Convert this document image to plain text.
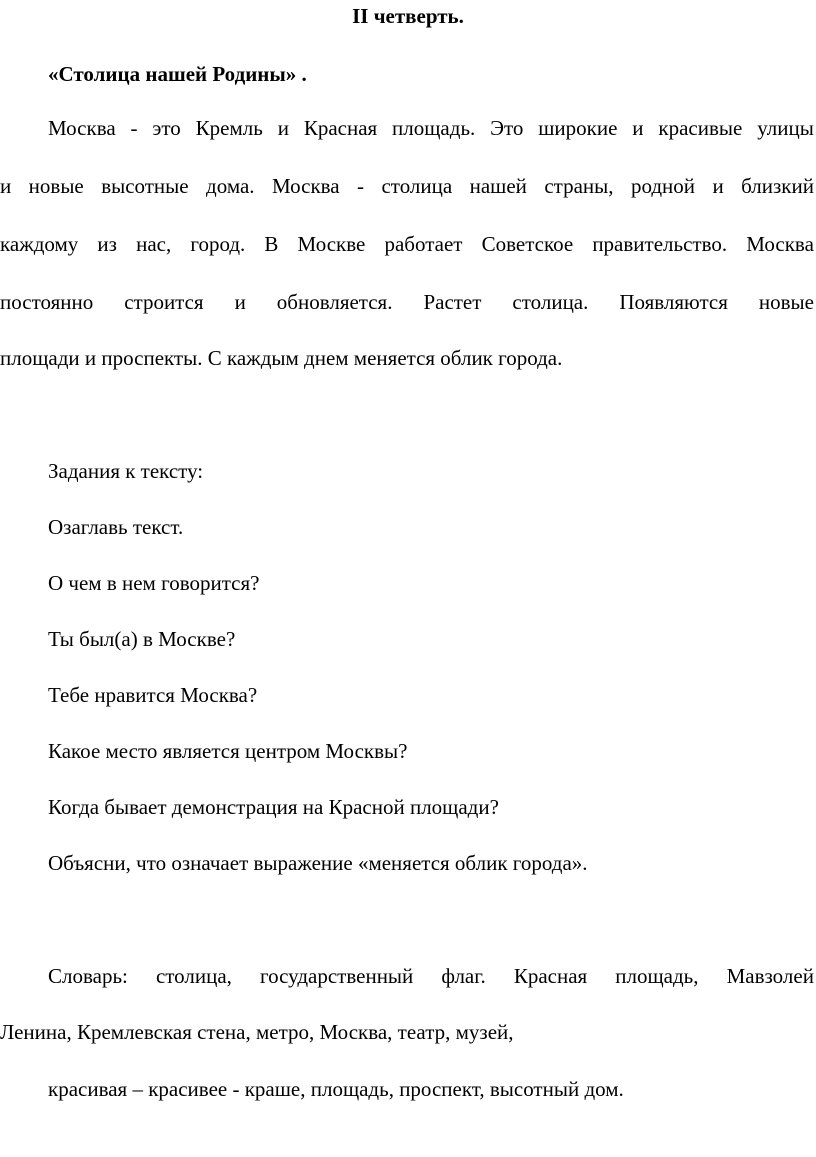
II четверть.
«Столица нашей Родины» .
Москва - это Кремль и Красная площадь. Это широкие и красивые улицы
и новые высотные дома. Москва - столица нашей страны, родной и близкий
каждому из нас, город. В Москве работает Советское правительство. Москва
постоянно строится и обновляется. Растет столица. Появляются новые
площади и проспекты. С каждым днем меняется облик города.
Задания к тексту:
Озаглавь текст.
О чем в нем говорится?
Ты был(а) в Москве?
Тебе нравится Москва?
Какое место является центром Москвы?
Когда бывает демонстрация на Красной площади?
Объясни, что означает выражение «меняется облик города».
Словарь: столица, государственный флаг. Красная площадь, Мавзолей
Ленина, Кремлевская стена, метро, Москва, театр, музей,
красивая – красивее - краше, площадь, проспект, высотный дом.
